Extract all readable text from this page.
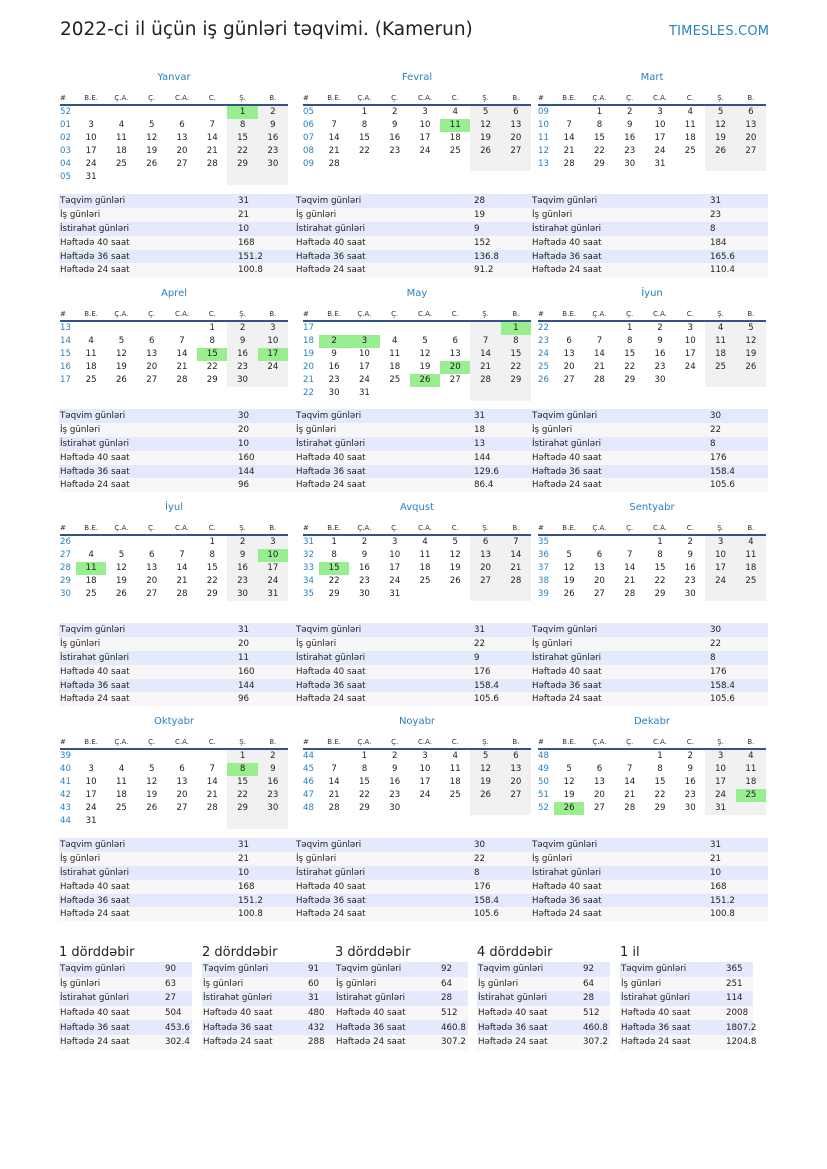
2022-ci il üçün iş günləri təqvimi. (Kamerun)	TIMESLES.COM
Yanvar
#	B.E.	Ç.A.	Ç.	C.A.	C.	Ş.	B.
52						1	2
01	3	4	5	6	7	8	9
02	10	11	12	13	14	15	16
03	17	18	19	20	21	22	23
04	24	25	26	27	28	29	30
05	31						
Təqvim günləri	31
İş günləri	21
İstirahət günləri	10
Həftədə 40 saat	168
Həftədə 36 saat	151.2
Həftədə 24 saat	100.8
Fevral
#	B.E.	Ç.A.	Ç.	C.A.	C.	Ş.	B.
05		1	2	3	4	5	6
06	7	8	9	10	11	12	13
07	14	15	16	17	18	19	20
08	21	22	23	24	25	26	27
09	28						
Təqvim günləri	28
İş günləri	19
İstirahət günləri	9
Həftədə 40 saat	152
Həftədə 36 saat	136.8
Həftədə 24 saat	91.2
Mart
#	B.E.	Ç.A.	Ç.	C.A.	C.	Ş.	B.
09		1	2	3	4	5	6
10	7	8	9	10	11	12	13
11	14	15	16	17	18	19	20
12	21	22	23	24	25	26	27
13	28	29	30	31			
Təqvim günləri	31
İş günləri	23
İstirahət günləri	8
Həftədə 40 saat	184
Həftədə 36 saat	165.6
Həftədə 24 saat	110.4
Aprel
#	B.E.	Ç.A.	Ç.	C.A.	C.	Ş.	B.
13					1	2	3
14	4	5	6	7	8	9	10
15	11	12	13	14	15	16	17
16	18	19	20	21	22	23	24
17	25	26	27	28	29	30	
Təqvim günləri	30
İş günləri	20
İstirahət günləri	10
Həftədə 40 saat	160
Həftədə 36 saat	144
Həftədə 24 saat	96
May
#	B.E.	Ç.A.	Ç.	C.A.	C.	Ş.	B.
17							1
18	2	3	4	5	6	7	8
19	9	10	11	12	13	14	15
20	16	17	18	19	20	21	22
21	23	24	25	26	27	28	29
22	30	31					
Təqvim günləri	31
İş günləri	18
İstirahət günləri	13
Həftədə 40 saat	144
Həftədə 36 saat	129.6
Həftədə 24 saat	86.4
İyun
#	B.E.	Ç.A.	Ç.	C.A.	C.	Ş.	B.
22			1	2	3	4	5
23	6	7	8	9	10	11	12
24	13	14	15	16	17	18	19
25	20	21	22	23	24	25	26
26	27	28	29	30			
Təqvim günləri	30
İş günləri	22
İstirahət günləri	8
Həftədə 40 saat	176
Həftədə 36 saat	158.4
Həftədə 24 saat	105.6
İyul
#	B.E.	Ç.A.	Ç.	C.A.	C.	Ş.	B.
26					1	2	3
27	4	5	6	7	8	9	10
28	11	12	13	14	15	16	17
29	18	19	20	21	22	23	24
30	25	26	27	28	29	30	31
Təqvim günləri	31
İş günləri	20
İstirahət günləri	11
Həftədə 40 saat	160
Həftədə 36 saat	144
Həftədə 24 saat	96
Avqust
#	B.E.	Ç.A.	Ç.	C.A.	C.	Ş.	B.
31	1	2	3	4	5	6	7
32	8	9	10	11	12	13	14
33	15	16	17	18	19	20	21
34	22	23	24	25	26	27	28
35	29	30	31				
Təqvim günləri	31
İş günləri	22
İstirahət günləri	9
Həftədə 40 saat	176
Həftədə 36 saat	158.4
Həftədə 24 saat	105.6
Sentyabr
#	B.E.	Ç.A.	Ç.	C.A.	C.	Ş.	B.
35				1	2	3	4
36	5	6	7	8	9	10	11
37	12	13	14	15	16	17	18
38	19	20	21	22	23	24	25
39	26	27	28	29	30		
Təqvim günləri	30
İş günləri	22
İstirahət günləri	8
Həftədə 40 saat	176
Həftədə 36 saat	158.4
Həftədə 24 saat	105.6
Oktyabr
#	B.E.	Ç.A.	Ç.	C.A.	C.	Ş.	B.
39						1	2
40	3	4	5	6	7	8	9
41	10	11	12	13	14	15	16
42	17	18	19	20	21	22	23
43	24	25	26	27	28	29	30
44	31						
Təqvim günləri	31
İş günləri	21
İstirahət günləri	10
Həftədə 40 saat	168
Həftədə 36 saat	151.2
Həftədə 24 saat	100.8
Noyabr
#	B.E.	Ç.A.	Ç.	C.A.	C.	Ş.	B.
44		1	2	3	4	5	6
45	7	8	9	10	11	12	13
46	14	15	16	17	18	19	20
47	21	22	23	24	25	26	27
48	28	29	30				
Təqvim günləri	30
İş günləri	22
İstirahət günləri	8
Həftədə 40 saat	176
Həftədə 36 saat	158.4
Həftədə 24 saat	105.6
Dekabr
#	B.E.	Ç.A.	Ç.	C.A.	C.	Ş.	B.
48				1	2	3	4
49	5	6	7	8	9	10	11
50	12	13	14	15	16	17	18
51	19	20	21	22	23	24	25
52	26	27	28	29	30	31	
Təqvim günləri	31
İş günləri	21
İstirahət günləri	10
Həftədə 40 saat	168
Həftədə 36 saat	151.2
Həftədə 24 saat	100.8
1 dörddəbir
Təqvim günləri	90
İş günləri	63
İstirahət günləri	27
Həftədə 40 saat	504
Həftədə 36 saat	453.6
Həftədə 24 saat	302.4
2 dörddəbir
Təqvim günləri	91
İş günləri	60
İstirahət günləri	31
Həftədə 40 saat	480
Həftədə 36 saat	432
Həftədə 24 saat	288
3 dörddəbir
Təqvim günləri	92
İş günləri	64
İstirahət günləri	28
Həftədə 40 saat	512
Həftədə 36 saat	460.8
Həftədə 24 saat	307.2
4 dörddəbir
Təqvim günləri	92
İş günləri	64
İstirahət günləri	28
Həftədə 40 saat	512
Həftədə 36 saat	460.8
Həftədə 24 saat	307.2
1 il
Təqvim günləri	365
İş günləri	251
İstirahət günləri	114
Həftədə 40 saat	2008
Həftədə 36 saat	1807.2
Həftədə 24 saat	1204.8
